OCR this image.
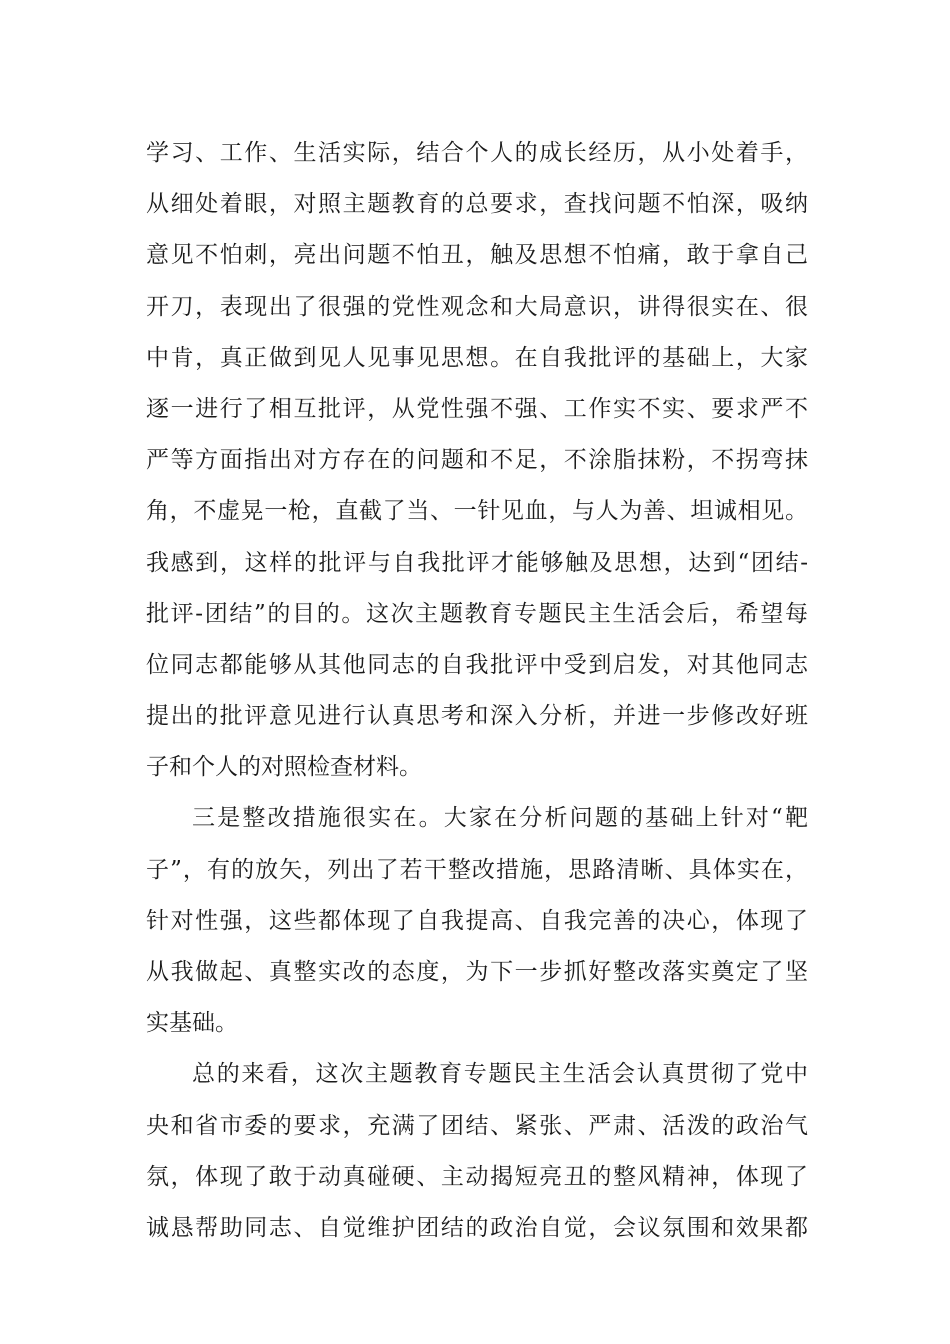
学习、工作、生活实际，结合个人的成长经历，从小处着手，
从细处着眼，对照主题教育的总要求，查找问题不怕深，吸纳
意见不怕刺，亮出问题不怕丑，触及思想不怕痛，敢于拿自己
开刀，表现出了很强的党性观念和大局意识，讲得很实在、很
中肯，真正做到见人见事见思想。在自我批评的基础上，大家
逐一进行了相互批评，从党性强不强、工作实不实、要求严不
严等方面指出对方存在的问题和不足，不涂脂抹粉，不拐弯抹
角，不虚晃一枪，直截了当、一针见血，与人为善、坦诚相见。
我感到，这样的批评与自我批评才能够触及思想，达到“团结-
批评-团结”的目的。这次主题教育专题民主生活会后，希望每
位同志都能够从其他同志的自我批评中受到启发，对其他同志
提出的批评意见进行认真思考和深入分析，并进一步修改好班
子和个人的对照检查材料。
三是整改措施很实在。大家在分析问题的基础上针对“靶
子”，有的放矢，列出了若干整改措施，思路清晰、具体实在，
针对性强，这些都体现了自我提高、自我完善的决心，体现了
从我做起、真整实改的态度，为下一步抓好整改落实奠定了坚
实基础。
总的来看，这次主题教育专题民主生活会认真贯彻了党中
央和省市委的要求，充满了团结、紧张、严肃、活泼的政治气
氛，体现了敢于动真碰硬、主动揭短亮丑的整风精神，体现了
诚恳帮助同志、自觉维护团结的政治自觉，会议氛围和效果都
